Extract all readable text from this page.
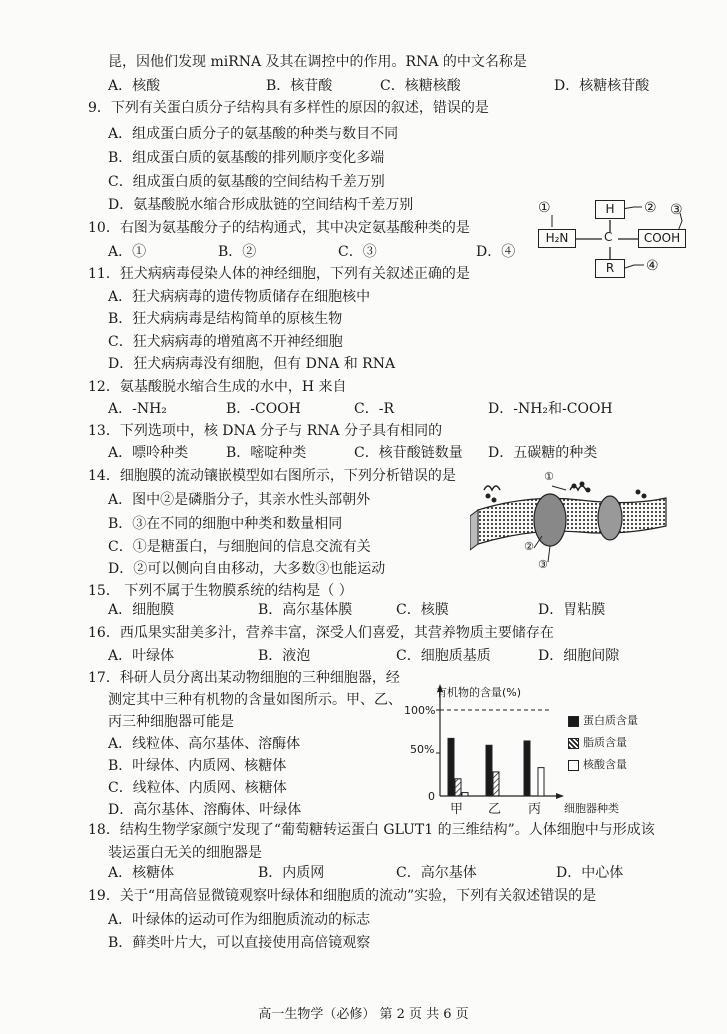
昆，因他们发现 miRNA 及其在调控中的作用。RNA 的中文名称是
A．核酸	B．核苷酸	C．核糖核酸	D．核糖核苷酸
9．下列有关蛋白质分子结构具有多样性的原因的叙述，错误的是
A．组成蛋白质分子的氨基酸的种类与数目不同
B．组成蛋白质的氨基酸的排列顺序变化多端
C．组成蛋白质的氨基酸的空间结构千差万别
D．氨基酸脱水缩合形成肽链的空间结构千差万别
10．右图为氨基酸分子的结构通式，其中决定氨基酸种类的是
A．①	B．②	C．③	D．④
①	H	② ③
H₂N	C	COOH
R	④
11．狂犬病病毒侵染人体的神经细胞，下列有关叙述正确的是
A．狂犬病病毒的遗传物质储存在细胞核中
B．狂犬病病毒是结构简单的原核生物
C．狂犬病病毒的增殖离不开神经细胞
D．狂犬病病毒没有细胞，但有 DNA 和 RNA
12．氨基酸脱水缩合生成的水中，H 来自
A．-NH₂	B．-COOH	C．-R	D．-NH₂和-COOH
13．下列选项中，核 DNA 分子与 RNA 分子具有相同的
A．嘌呤种类	B．嘧啶种类	C．核苷酸链数量 D．五碳糖的种类
14．细胞膜的流动镶嵌模型如右图所示，下列分析错误的是
A．图中②是磷脂分子，其亲水性头部朝外
B．③在不同的细胞中种类和数量相同
C．①是糖蛋白，与细胞间的信息交流有关
D．②可以侧向自由移动，大多数③也能运动
①
②
③
15． 下列不属于生物膜系统的结构是（ ）
A．细胞膜	B．高尔基体膜	C．核膜	D．胃粘膜
16．西瓜果实甜美多汁，营养丰富，深受人们喜爱，其营养物质主要储存在
A．叶绿体	B．液泡	C．细胞质基质	D．细胞间隙
17．科研人员分离出某动物细胞的三种细胞器，经
测定其中三种有机物的含量如图所示。甲、乙、
丙三种细胞器可能是
A．线粒体、高尔基体、溶酶体
B．叶绿体、内质网、核糖体
C．线粒体、内质网、核糖体
D．高尔基体、溶酶体、叶绿体
有机物的含量(%)
100%
50%
0
甲 乙 丙 细胞器种类
蛋白质含量
脂质含量
核酸含量
18．结构生物学家颜宁发现了“葡萄糖转运蛋白 GLUT1 的三维结构”。人体细胞中与形成该
装运蛋白无关的细胞器是
A．核糖体	B．内质网	C．高尔基体	D．中心体
19．关于“用高倍显微镜观察叶绿体和细胞质的流动”实验，下列有关叙述错误的是
A．叶绿体的运动可作为细胞质流动的标志
B．藓类叶片大，可以直接使用高倍镜观察
高一生物学（必修） 第 2 页 共 6 页
